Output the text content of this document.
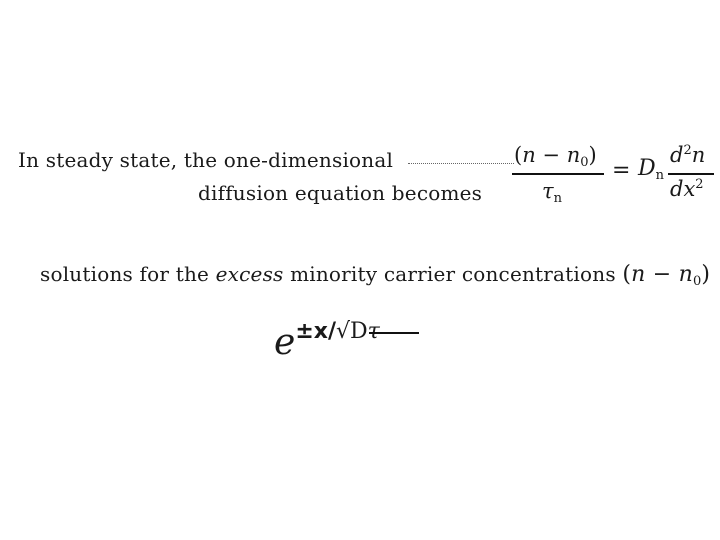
In steady state, the one-dimensional
diffusion equation becomes
$(n - n_0)$
$\tau_n$
= $D_n$
$d^2n$
$dx^2$
solutions for the excess minority carrier concentrations $(n - n_0)$
e±x/√D
